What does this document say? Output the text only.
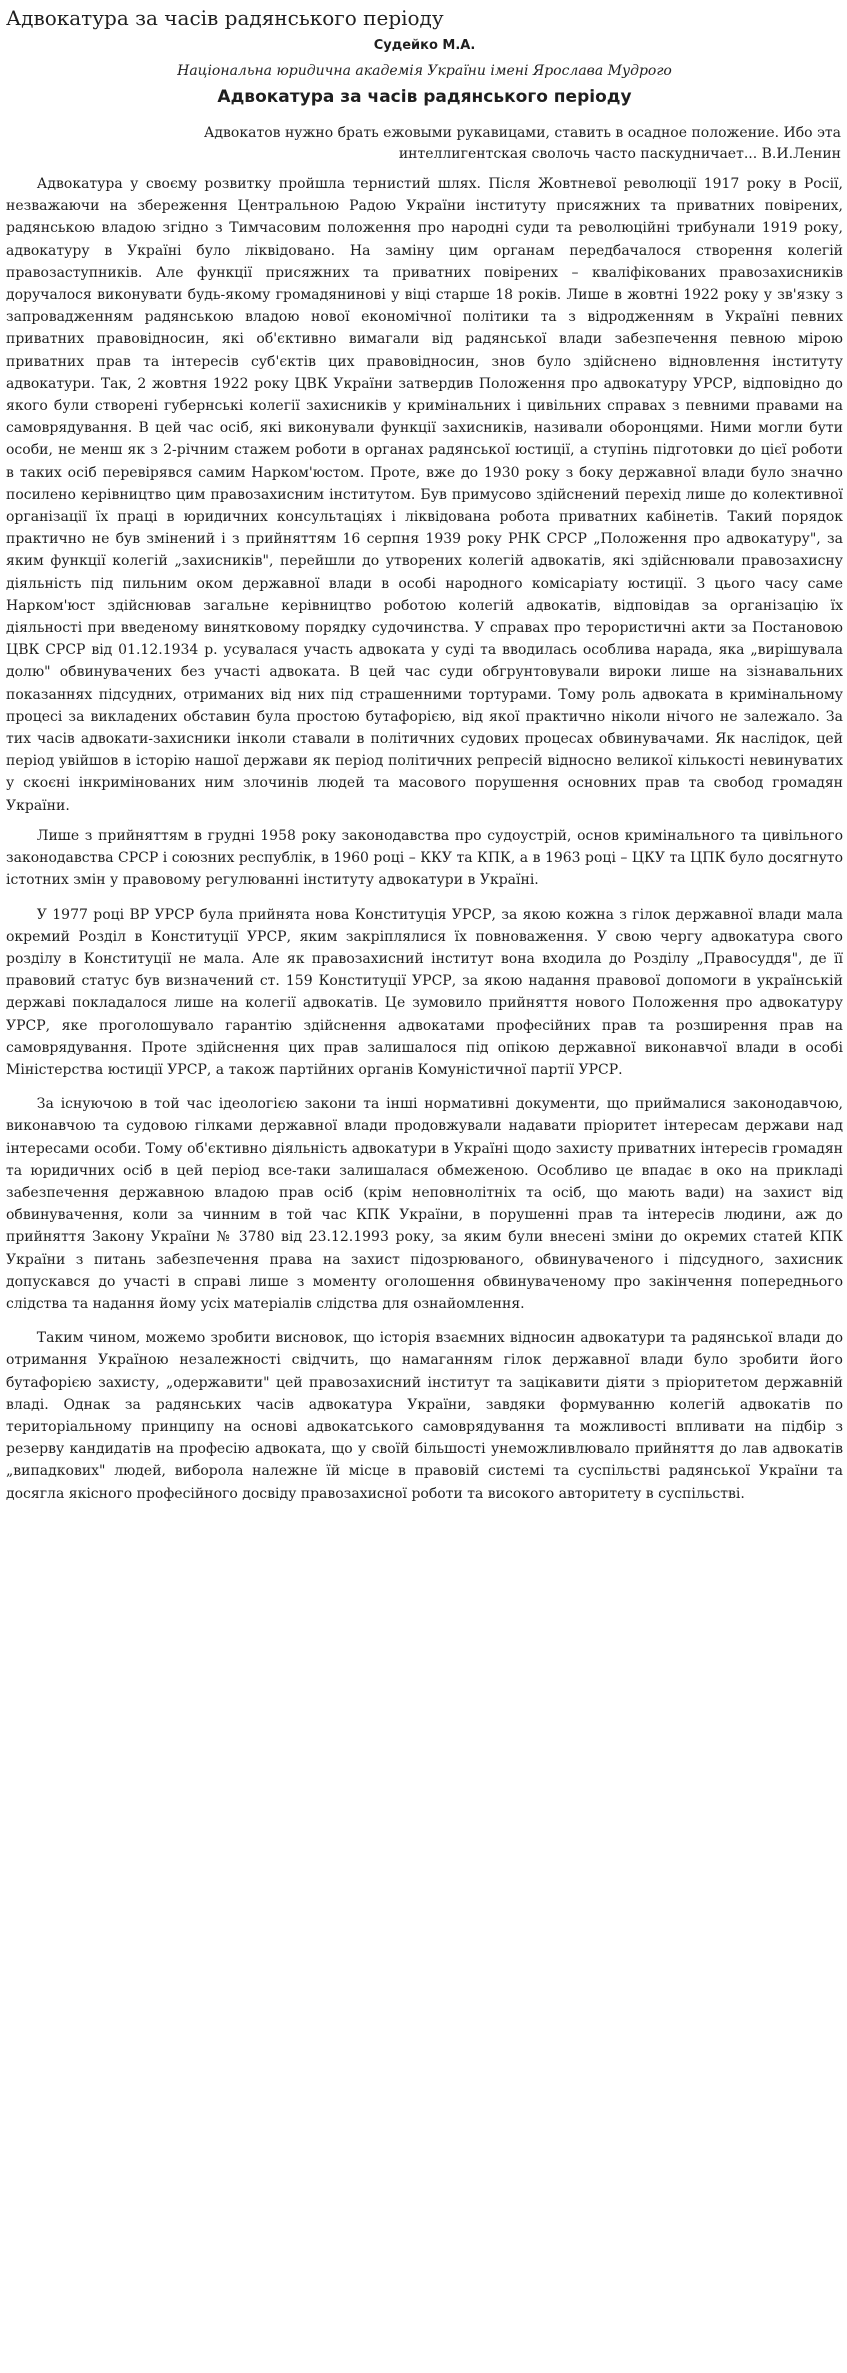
Адвокатура за часів радянського періоду
Судейко М.А.
Національна юридична академія України імені Ярослава Мудрого
Адвокатура за часів радянського періоду
Адвокатов нужно брать ежовыми рукавицами, ставить в осадное положение. Ибо эта
интеллигентская сволочь часто паскудничает... В.И.Ленин

Адвокатура у своєму розвитку пройшла тернистий шлях. Після Жовтневої революції 1917 року в Росії, незважаючи на збереження Центральною Радою України інституту присяжних та приватних повірених, радянською владою згідно з Тимчасовим положення про народні суди та революційні трибунали 1919 року, адвокатуру в Україні було ліквідовано. На заміну цим органам передбачалося створення колегій правозаступників. Але функції присяжних та приватних повірених – кваліфікованих правозахисників доручалося виконувати будь-якому громадянинові у віці старше 18 років. Лише в жовтні 1922 року у зв'язку з запровадженням радянською владою нової економічної політики та з відродженням в Україні певних приватних правовідносин, які об'єктивно вимагали від радянської влади забезпечення певною мірою приватних прав та інтересів суб'єктів цих правовідносин, знов було здійснено відновлення інституту адвокатури. Так, 2 жовтня 1922 року ЦВК України затвердив Положення про адвокатуру УРСР, відповідно до якого були створені губернські колегії захисників у кримінальних і цивільних справах з певними правами на самоврядування. В цей час осіб, які виконували функції захисників, називали оборонцями. Ними могли бути особи, не менш як з 2-річним стажем роботи в органах радянської юстиції, а ступінь підготовки до цієї роботи в таких осіб перевірявся самим Нарком'юстом. Проте, вже до 1930 року з боку державної влади було значно посилено керівництво цим правозахисним інститутом. Був примусово здійснений перехід лише до колективної організації їх праці в юридичних консультаціях і ліквідована робота приватних кабінетів. Такий порядок практично не був змінений і з прийняттям 16 серпня 1939 року РНК СРСР „Положення про адвокатуру", за яким функції колегій „захисників", перейшли до утворених колегій адвокатів, які здійснювали правозахисну діяльність під пильним оком державної влади в особі народного комісаріату юстиції. З цього часу саме Нарком'юст здійснював загальне керівництво роботою колегій адвокатів, відповідав за організацію їх діяльності при введеному винятковому порядку судочинства. У справах про терористичні акти за Постановою ЦВК СРСР від 01.12.1934 р. усувалася участь адвоката у суді та вводилась особлива нарада, яка „вирішувала долю" обвинувачених без участі адвоката. В цей час суди обгрунтовували вироки лише на зізнавальних показаннях підсудних, отриманих від них під страшенними тортурами. Тому роль адвоката в кримінальному процесі за викладених обставин була простою бутафорією, від якої практично ніколи нічого не залежало. За тих часів адвокати-захисники інколи ставали в політичних судових процесах обвинувачами. Як наслідок, цей період увійшов в історію нашої держави як період політичних репресій відносно великої кількості невинуватих у скоєні інкримінованих ним злочинів людей та масового порушення основних прав та свобод громадян України.

Лише з прийняттям в грудні 1958 року законодавства про судоустрій, основ кримінального та цивільного законодавства СРСР і союзних республік, в 1960 році – ККУ та КПК, а в 1963 році – ЦКУ та ЦПК було досягнуто істотних змін у правовому регулюванні інституту адвокатури в Україні.

У 1977 році ВР УРСР була прийнята нова Конституція УРСР, за якою кожна з гілок державної влади мала окремий Розділ в Конституції УРСР, яким закріплялися їх повноваження. У свою чергу адвокатура свого розділу в Конституції не мала. Але як правозахисний інститут вона входила до Розділу „Правосуддя", де її правовий статус був визначений ст. 159 Конституції УРСР, за якою надання правової допомоги в українській державі покладалося лише на колегії адвокатів. Це зумовило прийняття нового Положення про адвокатуру УРСР, яке проголошувало гарантію здійснення адвокатами професійних прав та розширення прав на самоврядування. Проте здійснення цих прав залишалося під опікою державної виконавчої влади в особі Міністерства юстиції УРСР, а також партійних органів Комуністичної партії УРСР.

За існуючою в той час ідеологією закони та інші нормативні документи, що приймалися законодавчою, виконавчою та судовою гілками державної влади продовжували надавати пріоритет інтересам держави над інтересами особи. Тому об'єктивно діяльність адвокатури в Україні щодо захисту приватних інтересів громадян та юридичних осіб в цей період все-таки залишалася обмеженою. Особливо це впадає в око на прикладі забезпечення державною владою прав осіб (крім неповнолітніх та осіб, що мають вади) на захист від обвинувачення, коли за чинним в той час КПК України, в порушенні прав та інтересів людини, аж до прийняття Закону України № 3780 від 23.12.1993 року, за яким були внесені зміни до окремих статей КПК України з питань забезпечення права на захист підозрюваного, обвинуваченого і підсудного, захисник допускався до участі в справі лише з моменту оголошення обвинуваченому про закінчення попереднього слідства та надання йому усіх матеріалів слідства для ознайомлення.

Таким чином, можемо зробити висновок, що історія взаємних відносин адвокатури та радянської влади до отримання Україною незалежності свідчить, що намаганням гілок державної влади було зробити його бутафорією захисту, „одержавити" цей правозахисний інститут та зацікавити діяти з пріоритетом державній владі. Однак за радянських часів адвокатура України, завдяки формуванню колегій адвокатів по територіальному принципу на основі адвокатського самоврядування та можливості впливати на підбір з резерву кандидатів на професію адвоката, що у своїй більшості унеможливлювало прийняття до лав адвокатів „випадкових" людей, виборола належне їй місце в правовій системі та суспільстві радянської України та досягла якісного професійного досвіду правозахисної роботи та високого авторитету в суспільстві.
